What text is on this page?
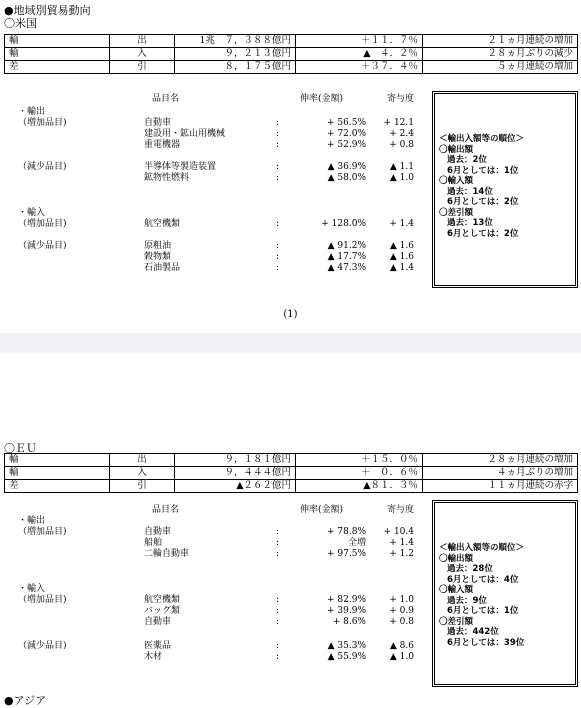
●地域別貿易動向
〇米国
輸	出	1兆　７，３８８億円	＋１１．７％	２１ヵ月連続の増加
輸	入	９，２１３億円	▲　４．２％	２８ヵ月ぶりの減少
差	引	８，１７５億円	＋３７．４％	５ヵ月連続の増加
品目名	伸率(金額)	寄与度
・輸出
（増加品目)	自動車	:	+ 56.5%	+ 12.1
建設用・鉱山用機械	:	+ 72.0%	+ 2.4
重電機器	:	+ 52.9%	+ 0.8
（減少品目)	半導体等製造装置	:	▲ 36.9%	▲ 1.1
鉱物性燃料	:	▲ 58.0%	▲ 1.0
・輸入
（増加品目)	航空機類	:	+ 128.0%	+ 1.4
（減少品目)	原粗油	:	▲ 91.2%	▲ 1.6
穀物類	:	▲ 17.7%	▲ 1.6
石油製品	:	▲ 47.3%	▲ 1.4
＜輸出入額等の順位＞
〇輸出額
過去：2位
6月としては：1位
〇輸入額
過去：14位
6月としては：2位
〇差引額
過去：13位
6月としては：2位
(1)
〇ＥＵ
輸	出	９，１８１億円	＋１５．０％	２８ヵ月連続の増加
輸	入	９，４４４億円	＋　０．６％	４ヵ月ぶりの増加
差	引	▲２６２億円	▲８１．３％	１１ヵ月連続の赤字
品目名	伸率(金額)	寄与度
・輸出
（増加品目)	自動車	:	+ 78.8%	+ 10.4
船舶	:	全増	+ 1.4
二輪自動車	:	+ 97.5%	+ 1.2
・輸入
（増加品目)	航空機類	:	+ 82.9%	+ 1.0
バッグ類	:	+ 39.9%	+ 0.9
自動車	:	+ 8.6%	+ 0.8
（減少品目)	医薬品	:	▲ 35.3%	▲ 8.6
木材	:	▲ 55.9%	▲ 1.0
＜輸出入額等の順位＞
〇輸出額
過去：28位
6月としては：4位
〇輸入額
過去：9位
6月としては：1位
〇差引額
過去：442位
6月としては：39位
●アジア
